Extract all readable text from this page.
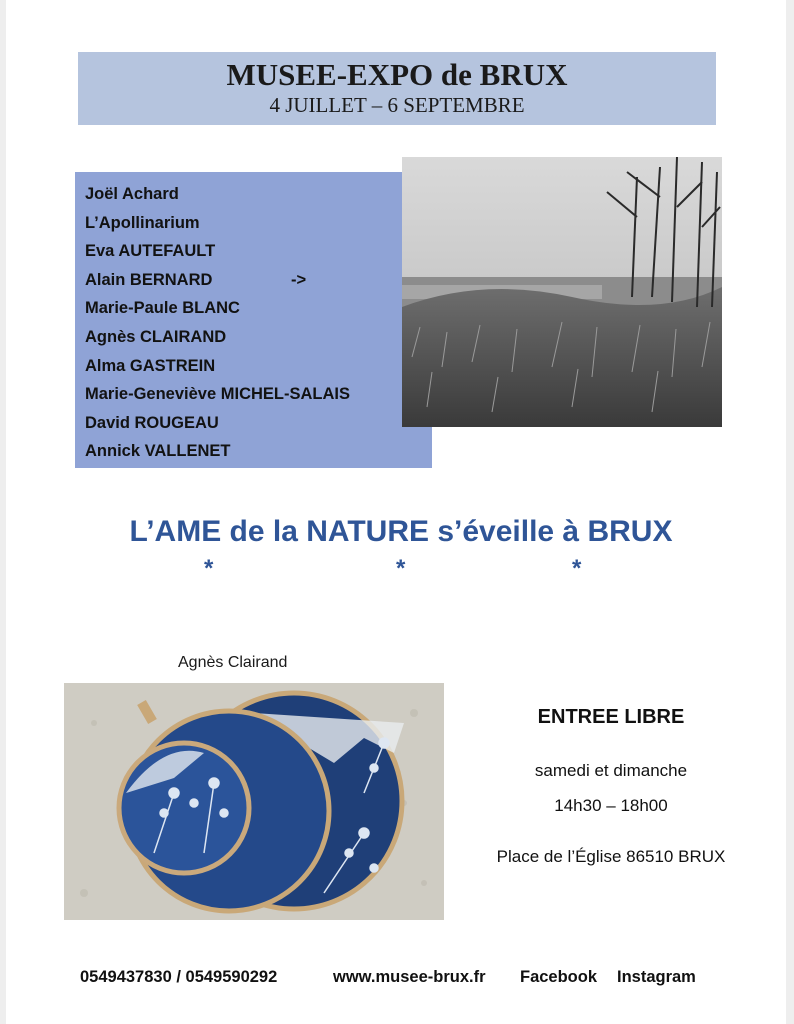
MUSEE-EXPO de BRUX
4 JUILLET – 6 SEPTEMBRE
Joël Achard
L’Apollinarium
Eva AUTEFAULT
Alain BERNARD	->
Marie-Paule BLANC
Agnès CLAIRAND
Alma GASTREIN
Marie-Geneviève MICHEL-SALAIS
David ROUGEAU
Annick VALLENET
L’AME de la NATURE s’éveille à BRUX
*	*	*
Agnès Clairand
ENTREE LIBRE
samedi et dimanche
14h30 – 18h00
Place de l’Église 86510 BRUX
0549437830 / 0549590292	www.musee-brux.fr Facebook Instagram
